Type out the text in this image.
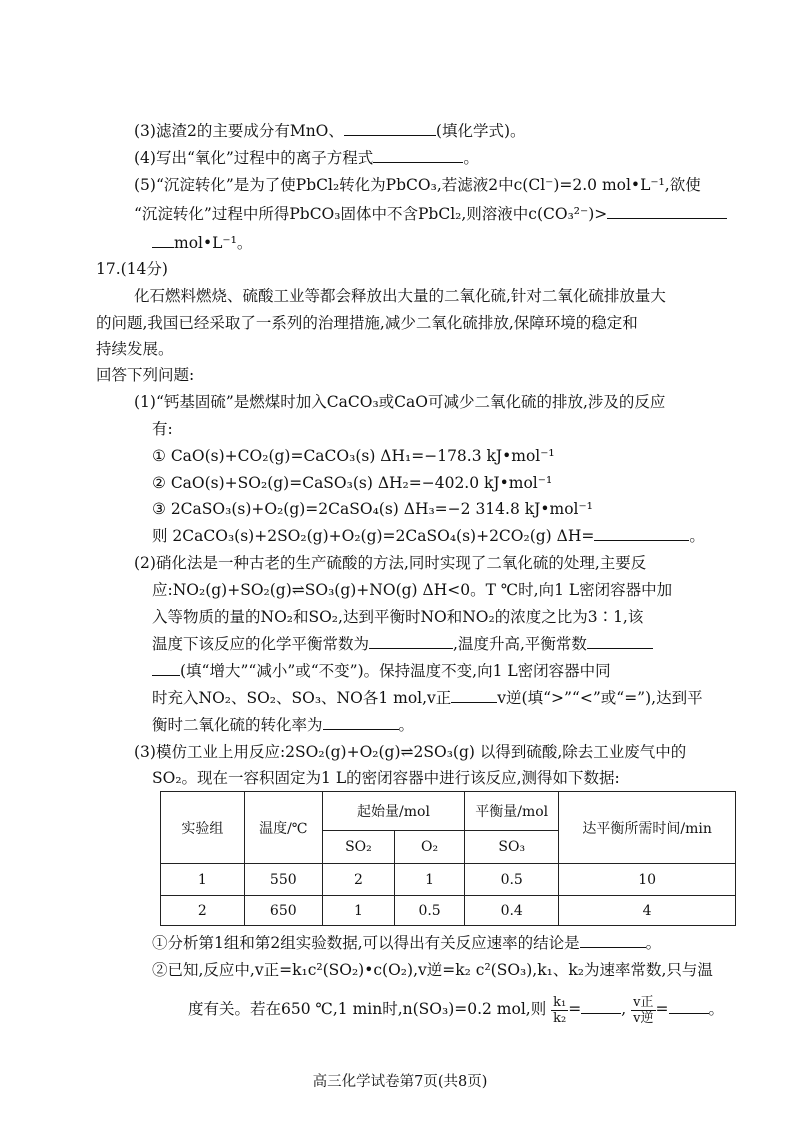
(3)滤渣2的主要成分有MnO、	(填化学式)。
(4)写出“氧化”过程中的离子方程式	。
(5)“沉淀转化”是为了使PbCl₂转化为PbCO₃,若滤液2中c(Cl⁻)=2.0 mol•L⁻¹,欲使
“沉淀转化”过程中所得PbCO₃固体中不含PbCl₂,则溶液中c(CO₃²⁻)>
mol•L⁻¹。
17.(14分)
化石燃料燃烧、硫酸工业等都会释放出大量的二氧化硫,针对二氧化硫排放量大
的问题,我国已经采取了一系列的治理措施,减少二氧化硫排放,保障环境的稳定和
持续发展。
回答下列问题:
(1)“钙基固硫”是燃煤时加入CaCO₃或CaO可减少二氧化硫的排放,涉及的反应
有:
① CaO(s)+CO₂(g)=CaCO₃(s) ΔH₁=−178.3 kJ•mol⁻¹
② CaO(s)+SO₂(g)=CaSO₃(s) ΔH₂=−402.0 kJ•mol⁻¹
③ 2CaSO₃(s)+O₂(g)=2CaSO₄(s) ΔH₃=−2 314.8 kJ•mol⁻¹
则 2CaCO₃(s)+2SO₂(g)+O₂(g)=2CaSO₄(s)+2CO₂(g) ΔH=	。
(2)硝化法是一种古老的生产硫酸的方法,同时实现了二氧化硫的处理,主要反
应:NO₂(g)+SO₂(g)⇌SO₃(g)+NO(g) ΔH<0。T ℃时,向1 L密闭容器中加
入等物质的量的NO₂和SO₂,达到平衡时NO和NO₂的浓度之比为3∶1,该
温度下该反应的化学平衡常数为	,温度升高,平衡常数
(填“增大”“减小”或“不变”)。保持温度不变,向1 L密闭容器中同
时充入NO₂、SO₂、SO₃、NO各1 mol,v正	v逆(填“>”“<”或“=”),达到平
衡时二氧化硫的转化率为	。
(3)模仿工业上用反应:2SO₂(g)+O₂(g)⇌2SO₃(g) 以得到硫酸,除去工业废气中的
SO₂。现在一容积固定为1 L的密闭容器中进行该反应,测得如下数据:
实验组	温度/℃	起始量/mol		平衡量/mol	达平衡所需时间/min
		SO₂	O₂	SO₃	
1	550	2	1	0.5	10
2	650	1	0.5	0.4	4
①分析第1组和第2组实验数据,可以得出有关反应速率的结论是	。
②已知,反应中,v正=k₁c²(SO₂)•c(O₂),v逆=k₂ c²(SO₃),k₁、k₂为速率常数,只与温
度有关。若在650 ℃,1 min时,n(SO₃)=0.2 mol,则 $\frac{\text{k₁}}{\text{k₂}}$ =	, $\frac{\text{v正}}{\text{v逆}}$ =	。
高三化学试卷第7页(共8页)
